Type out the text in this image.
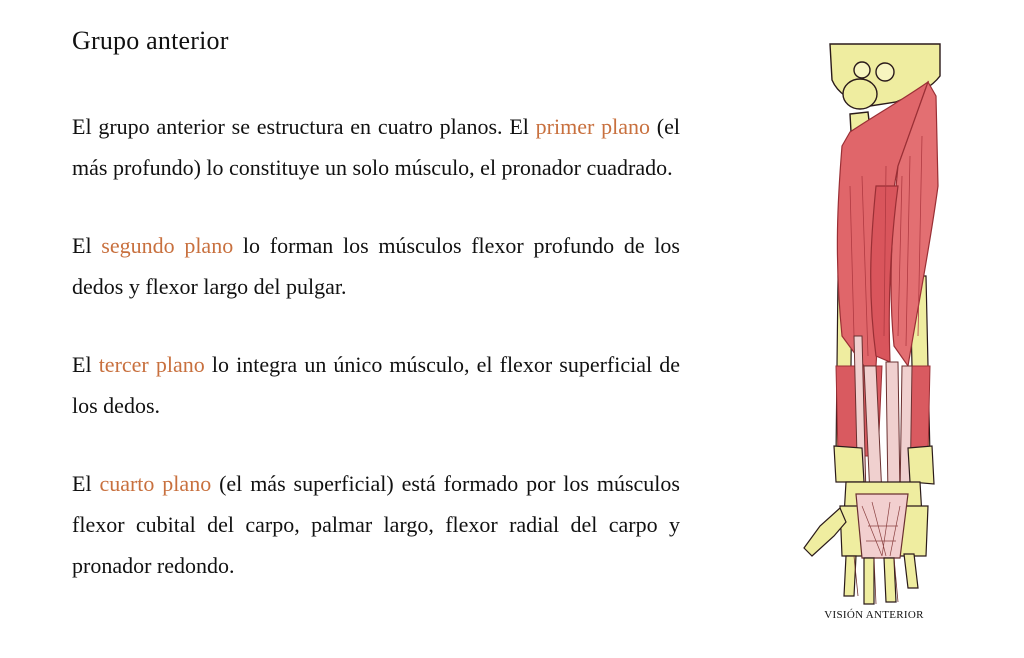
Grupo anterior

El grupo anterior se estructura en cuatro planos. El primer plano (el más profundo) lo constituye un solo músculo, el pronador cuadrado.

El segundo plano lo forman los músculos flexor profundo de los dedos y flexor largo del pulgar.

El tercer plano lo integra un único músculo, el flexor superficial de los dedos.

El cuarto plano (el más superficial) está formado por los músculos flexor cubital del carpo, palmar largo, flexor radial del carpo y pronador redondo.

VISIÓN ANTERIOR
